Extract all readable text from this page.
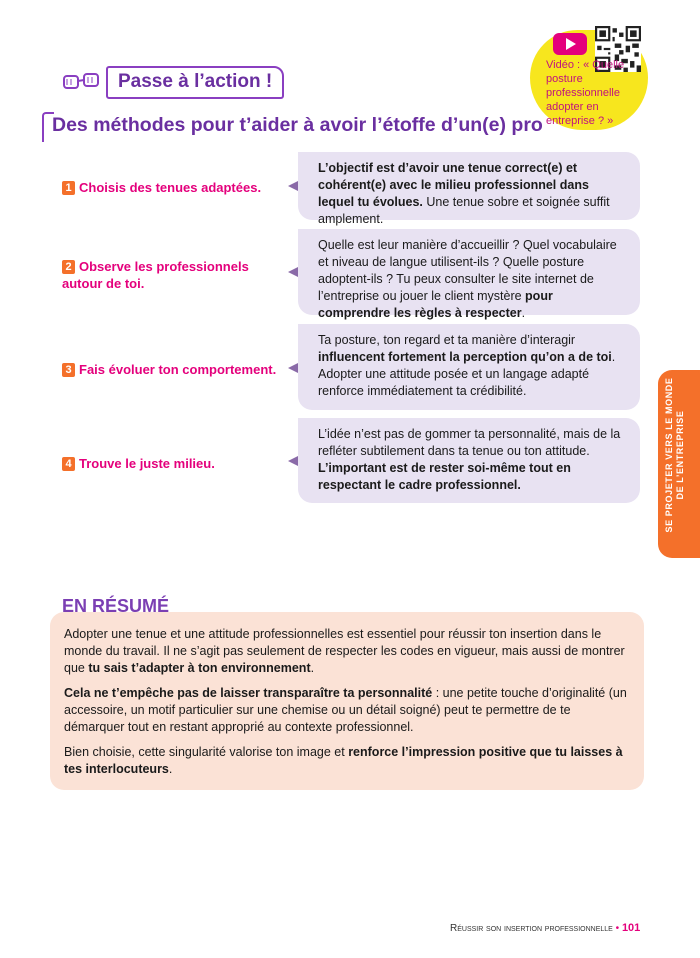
Passe à l’action !
Vidéo : « Quelle posture professionnelle adopter en entreprise ? »
Des méthodes pour t’aider à avoir l’étoffe d’un(e) pro
1 Choisis des tenues adaptées.
L’objectif est d’avoir une tenue correct(e) et cohérent(e) avec le milieu professionnel dans lequel tu évolues. Une tenue sobre et soignée suffit amplement.
2 Observe les professionnels autour de toi.
Quelle est leur manière d’accueillir ? Quel vocabulaire et niveau de langue utilisent-ils ? Quelle posture adoptent-ils ? Tu peux consulter le site internet de l’entreprise ou jouer le client mystère pour comprendre les règles à respecter.
3 Fais évoluer ton comportement.
Ta posture, ton regard et ta manière d’interagir influencent fortement la perception qu’on a de toi. Adopter une attitude posée et un langage adapté renforce immédiatement ta crédibilité.
4 Trouve le juste milieu.
L’idée n’est pas de gommer ta personnalité, mais de la refléter subtilement dans ta tenue ou ton attitude. L’important est de rester soi-même tout en respectant le cadre professionnel.	SE PROJETER VERS LE MONDE DE L’ENTREPRISE

Adopter une tenue et une attitude professionnelles est essentiel pour réussir ton insertion dans le monde du travail. Il ne s’agit pas seulement de respecter les codes en vigueur, mais aussi de montrer que tu sais t’adapter à ton environnement.

Cela ne t’empêche pas de laisser transparaître ta personnalité : une petite touche d’originalité (un accessoire, un motif particulier sur une chemise ou un détail soigné) peut te permettre de te démarquer tout en restant approprié au contexte professionnel.

Bien choisie, cette singularité valorise ton image et renforce l’impression positive que tu laisses à tes interlocuteurs.

EN RÉSUMÉ
Réussir son insertion professionnelle • 101
